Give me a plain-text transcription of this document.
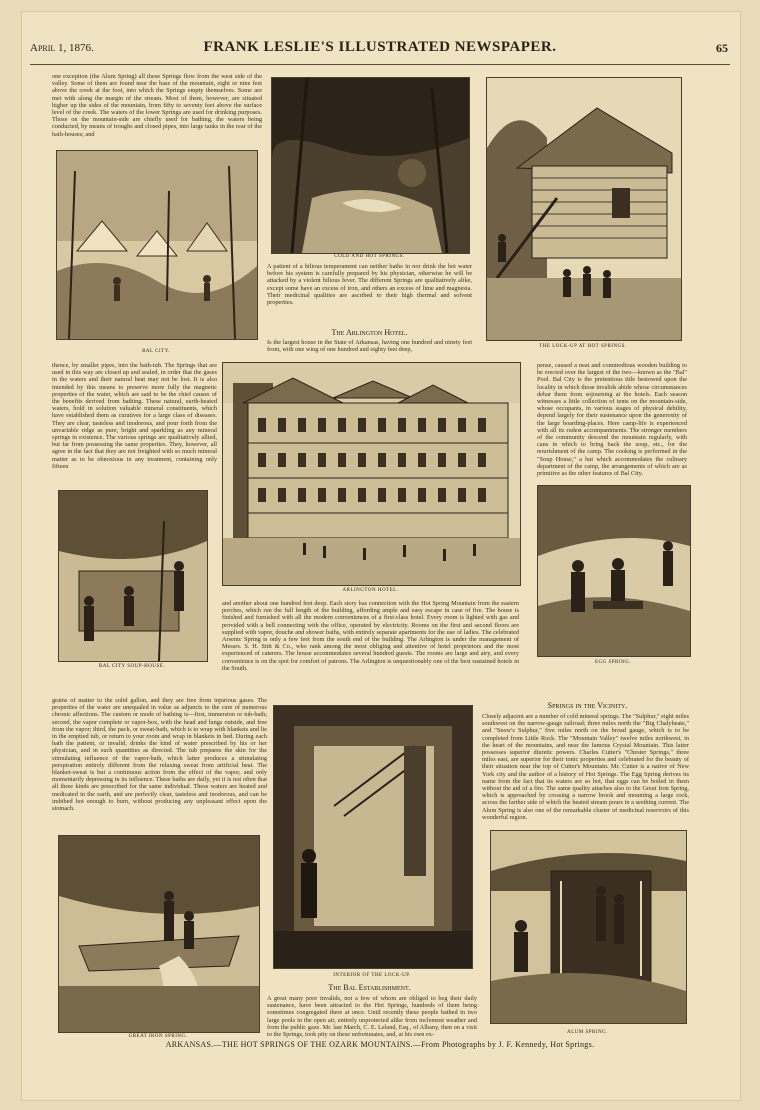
April 1, 1876.	FRANK LESLIE'S ILLUSTRATED NEWSPAPER.	65
one exception (the Alum Spring) all these Springs flow from the west side of the valley. Some of them are found near the base of the mountain, eight or nine feet above the creek at the foot, into which the Springs empty themselves. Some are met with along the margin of the stream. Most of them, however, are situated higher up the sides of the mountain, from fifty to seventy feet above the surface level of the creek. The waters of the lower Springs are used for drinking purposes. Those on the mountain-side are chiefly used for bathing, the waters being conducted, by means of troughs and closed pipes, into large tanks in the rear of the bath-houses; and
BAL CITY.
COLD AND HOT SPRINGS.
A patient of a bilious temperament can neither bathe in nor drink the hot water before his system is carefully prepared by his physician, otherwise he will be attacked by a violent bilious fever. The different Springs are qualitatively alike, except some have an excess of iron, and others an excess of lime and magnesia. Their medicinal qualities are ascribed to their high thermal and solvent properties.
The Arlington Hotel.
Is the largest house in the State of Arkansas, having one hundred and ninety feet front, with one wing of one hundred and eighty feet deep,	THE LOCK-UP AT HOT SPRINGS.
thence, by smaller pipes, into the bath-tub. The Springs that are used in this way are closed up and sealed, in order that the gases in the waters and their natural heat may not be lost. It is also intended by this means to preserve more fully the magnetic properties of the water, which are said to be the chief causes of the benefits derived from bathing. These natural, earth-heated waters, hold in solution valuable mineral constituents, which have established them as curatives for a large class of diseases. They are clear, tasteless and inodorous, and pour forth from the unvariable ridge as pure, bright and sparkling as any mineral springs in existence. The various springs are qualitatively allied, but far from possessing the same properties. They, however, all agree in the fact that they are not freighted with so much mineral matter as to be obnoxious in any treatment, containing only fifteen
ARLINGTON HOTEL.
pense, caused a neat and commodious wooden building to be erected over the largest of the two—known as the "Bal" Pool. Bal City is the pretentious title bestowed upon the locality in which those invalids abide whose circumstances debar them from sojourning at the hotels. Each season witnesses a little collection of tents on the mountain-side, whose occupants, in various stages of physical debility, depend largely for their sustenance upon the generosity of the large boarding-places. Here camp-life is experienced with all its rudest accompaniments. The stronger members of the community descend the mountain regularly, with cans in which to bring back the soup, etc., for the nourishment of the camp. The cooking is performed in the "Soup House," a hut which accommodates the culinary department of the camp, the arrangements of which are as primitive as the other features of Bal City.
BAL CITY SOUP-HOUSE.
and another about one hundred feet deep. Each story has connection with the Hot Spring Mountain from the eastern porches, which run the full length of the building, affording ample and easy escape in case of fire. The house is finished and furnished with all the modern conveniences of a first-class hotel. Every room is lighted with gas and provided with a bell connecting with the office, operated by electricity. Rooms on the first and second floors are supplied with vapor, douche and shower baths, with entirely separate apartments for the use of ladies. The celebrated Arsenic Spring is only a few feet from the south end of the building. The Arlington is under the management of Messrs. S. H. Stitt & Co., who rank among the most obliging and attentive of hotel proprietors and the most experienced of caterers. The house accommodates several hundred guests. The rooms are large and airy, and every convenience is on the spot for comfort of patrons. The Arlington is unquestionably one of the best sustained hotels in the South.
EGG SPRING.
grains of matter to the solid gallon, and they are free from injurious gases. The properties of the water are unequaled in value as adjuncts to the cure of numerous chronic affections. The custom or mode of bathing is—first, immersion or tub-bath; second, the vapor complete or vapor-box, with the head and lungs outside, and free from the vapor; third, the pack, or sweat-bath, which is to wrap with blankets and lie in the emptied tub, or return to your room and wrap in blankets in bed. During each bath the patient, or invalid, drinks the kind of water prescribed by his or her physician, and in such quantities as directed. The tub prepares the skin for the stimulating influence of the vapor-bath, which latter produces a stimulating perspiration entirely different from the relaxing sweat from artificial heat. The blanket-sweat is but a continuous action from the effect of the vapor, and only momentarily depressing in its influence. These baths are daily, yet it is not often that all three kinds are prescribed for the same individual. These waters are heated and medicated in the earth, and are perfectly clear, tasteless and inodorous, and can be imbibed hot enough to burn, without producing any unpleasant effect upon the stomach.
GREAT IRON SPRING.
INTERIOR OF THE LOCK-UP.
The Bal Establishment.
A great many poor invalids, not a few of whom are obliged to beg their daily sustenance, have been attracted to the Hot Springs, hundreds of them being sometimes congregated there at once. Until recently these people bathed in two large pools in the open air, entirely unprotected alike from inclement weather and from the public gaze. Mr. last March, C. E. Leland, Esq., of Albany, then on a visit to the Springs, took pity on these unfortunates, and, at his own ex-
Springs in the Vicinity.
Closely adjacent are a number of cold mineral springs. The "Sulphur," eight miles southwest on the narrow-gauge railroad; three miles north the "Big Chalybeate," and "Snow's Sulphur," five miles north on the broad gauge, which is to be completed from Little Rock. The "Mountain Valley" twelve miles northwest, in the heart of the mountains, and near the famous Crystal Mountain. This latter possesses superior diuretic powers. Charles Cutter's "Chester Springs," three miles east, are superior for their tonic properties and celebrated for the beauty of their situation near the top of Cutter's Mountain. Mr. Cutter is a native of New York city and the author of a history of Hot Springs. The Egg Spring derives its name from the fact that its waters are so hot, that eggs can be boiled in them without the aid of a fire. The same quality attaches also to the Great Iron Spring, which is approached by crossing a narrow brook and mounting a large rock, across the farther side of which the heated stream pours in a seething current. The Alum Spring is also one of the remarkable cluster of medicinal reservoirs of this wonderful region.
ALUM SPRING.
ARKANSAS.—THE HOT SPRINGS OF THE OZARK MOUNTAINS.—From Photographs by J. F. Kennedy, Hot Springs.
